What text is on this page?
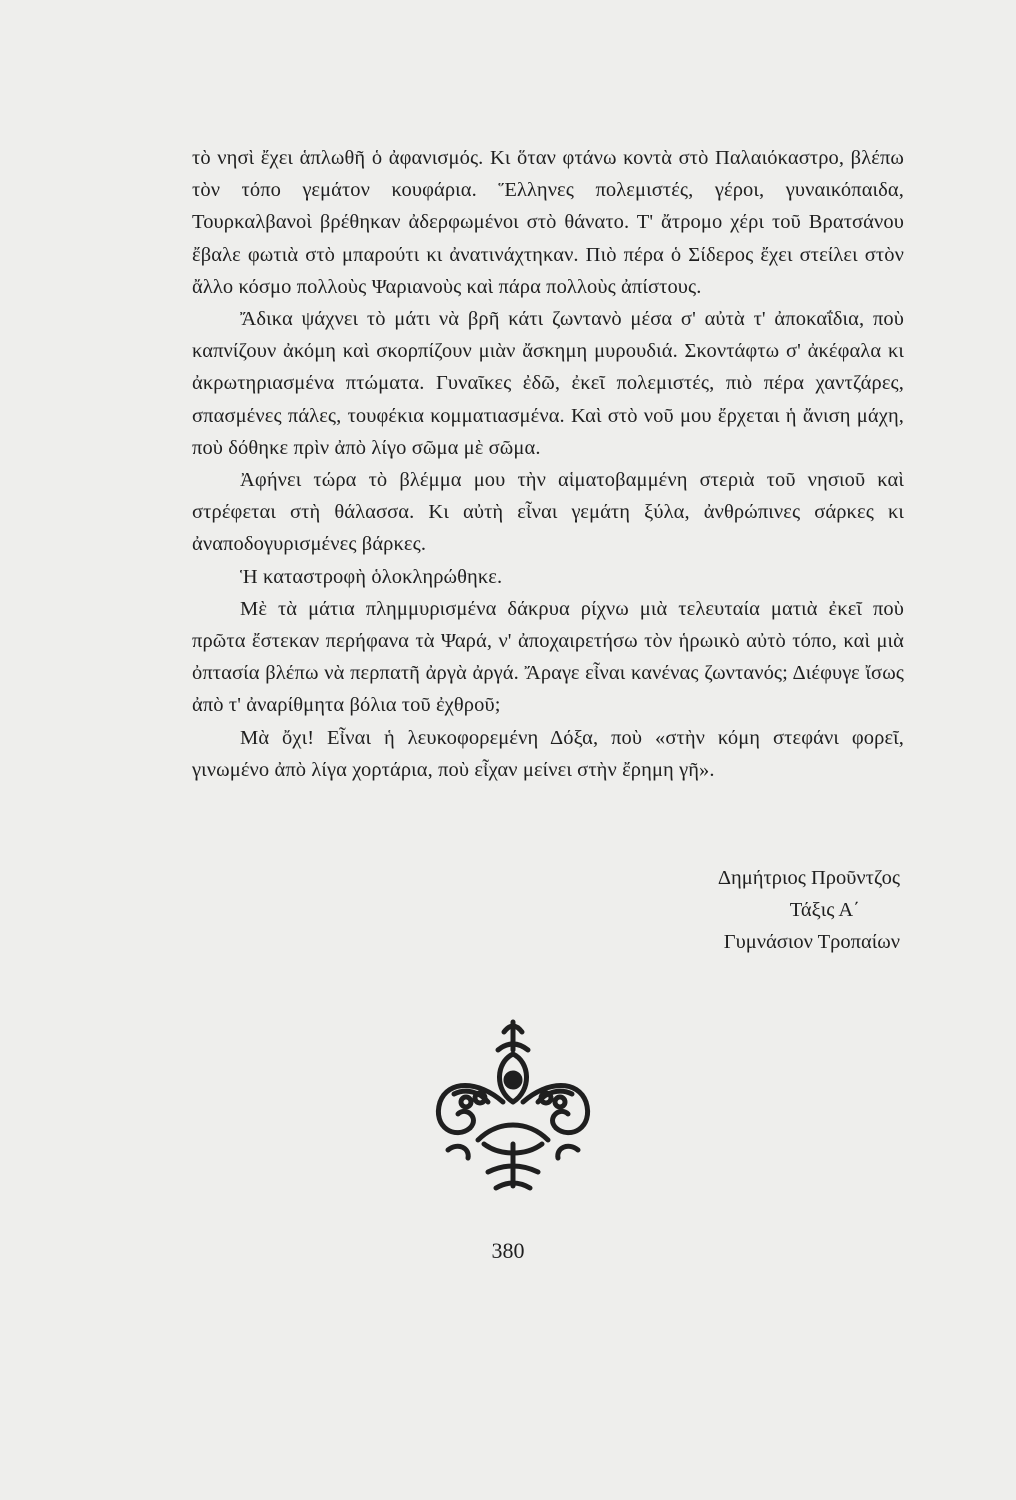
τὸ νησὶ ἔχει ἁπλωθῆ ὁ ἀφανισμός. Κι ὅταν φτάνω κοντὰ στὸ Παλαιόκαστρο, βλέπω τὸν τόπο γεμάτον κουφάρια. Ἕλληνες πολεμιστές, γέροι, γυναικόπαιδα, Τουρκαλβανοὶ βρέθηκαν ἀδερφωμένοι στὸ θάνατο. Τ' ἄτρομο χέρι τοῦ Βρατσάνου ἔβαλε φωτιὰ στὸ μπαρούτι κι ἀνατινάχτηκαν. Πιὸ πέρα ὁ Σίδερος ἔχει στείλει στὸν ἄλλο κόσμο πολλοὺς Ψαριανοὺς καὶ πάρα πολλοὺς ἀπίστους.

Ἄδικα ψάχνει τὸ μάτι νὰ βρῆ κάτι ζωντανὸ μέσα σ' αὐτὰ τ' ἀποκαΐδια, ποὺ καπνίζουν ἀκόμη καὶ σκορπίζουν μιὰν ἄσκημη μυρουδιά. Σκοντάφτω σ' ἀκέφαλα κι ἀκρωτηριασμένα πτώματα. Γυναῖκες ἐδῶ, ἐκεῖ πολεμιστές, πιὸ πέρα χαντζάρες, σπασμένες πάλες, τουφέκια κομματιασμένα. Καὶ στὸ νοῦ μου ἔρχεται ἡ ἄνιση μάχη, ποὺ δόθηκε πρὶν ἀπὸ λίγο σῶμα μὲ σῶμα.

Ἀφήνει τώρα τὸ βλέμμα μου τὴν αἱματοβαμμένη στεριὰ τοῦ νησιοῦ καὶ στρέφεται στὴ θάλασσα. Κι αὐτὴ εἶναι γεμάτη ξύλα, ἀνθρώπινες σάρκες κι ἀναποδογυρισμένες βάρκες.

Ἡ καταστροφὴ ὁλοκληρώθηκε.

Μὲ τὰ μάτια πλημμυρισμένα δάκρυα ρίχνω μιὰ τελευταία ματιὰ ἐκεῖ ποὺ πρῶτα ἔστεκαν περήφανα τὰ Ψαρά, ν' ἀποχαιρετήσω τὸν ἡρωικὸ αὐτὸ τόπο, καὶ μιὰ ὀπτασία βλέπω νὰ περπατῆ ἀργὰ ἀργά. Ἄραγε εἶναι κανένας ζωντανός; Διέφυγε ἴσως ἀπὸ τ' ἀναρίθμητα βόλια τοῦ ἐχθροῦ;

Μὰ ὄχι! Εἶναι ἡ λευκοφορεμένη Δόξα, ποὺ «στὴν κόμη στεφάνι φορεῖ, γινωμένο ἀπὸ λίγα χορτάρια, ποὺ εἶχαν μείνει στὴν ἔρημη γῆ».

Δημήτριος Προῦντζος
Τάξις Α΄
Γυμνάσιον Τροπαίων
380
